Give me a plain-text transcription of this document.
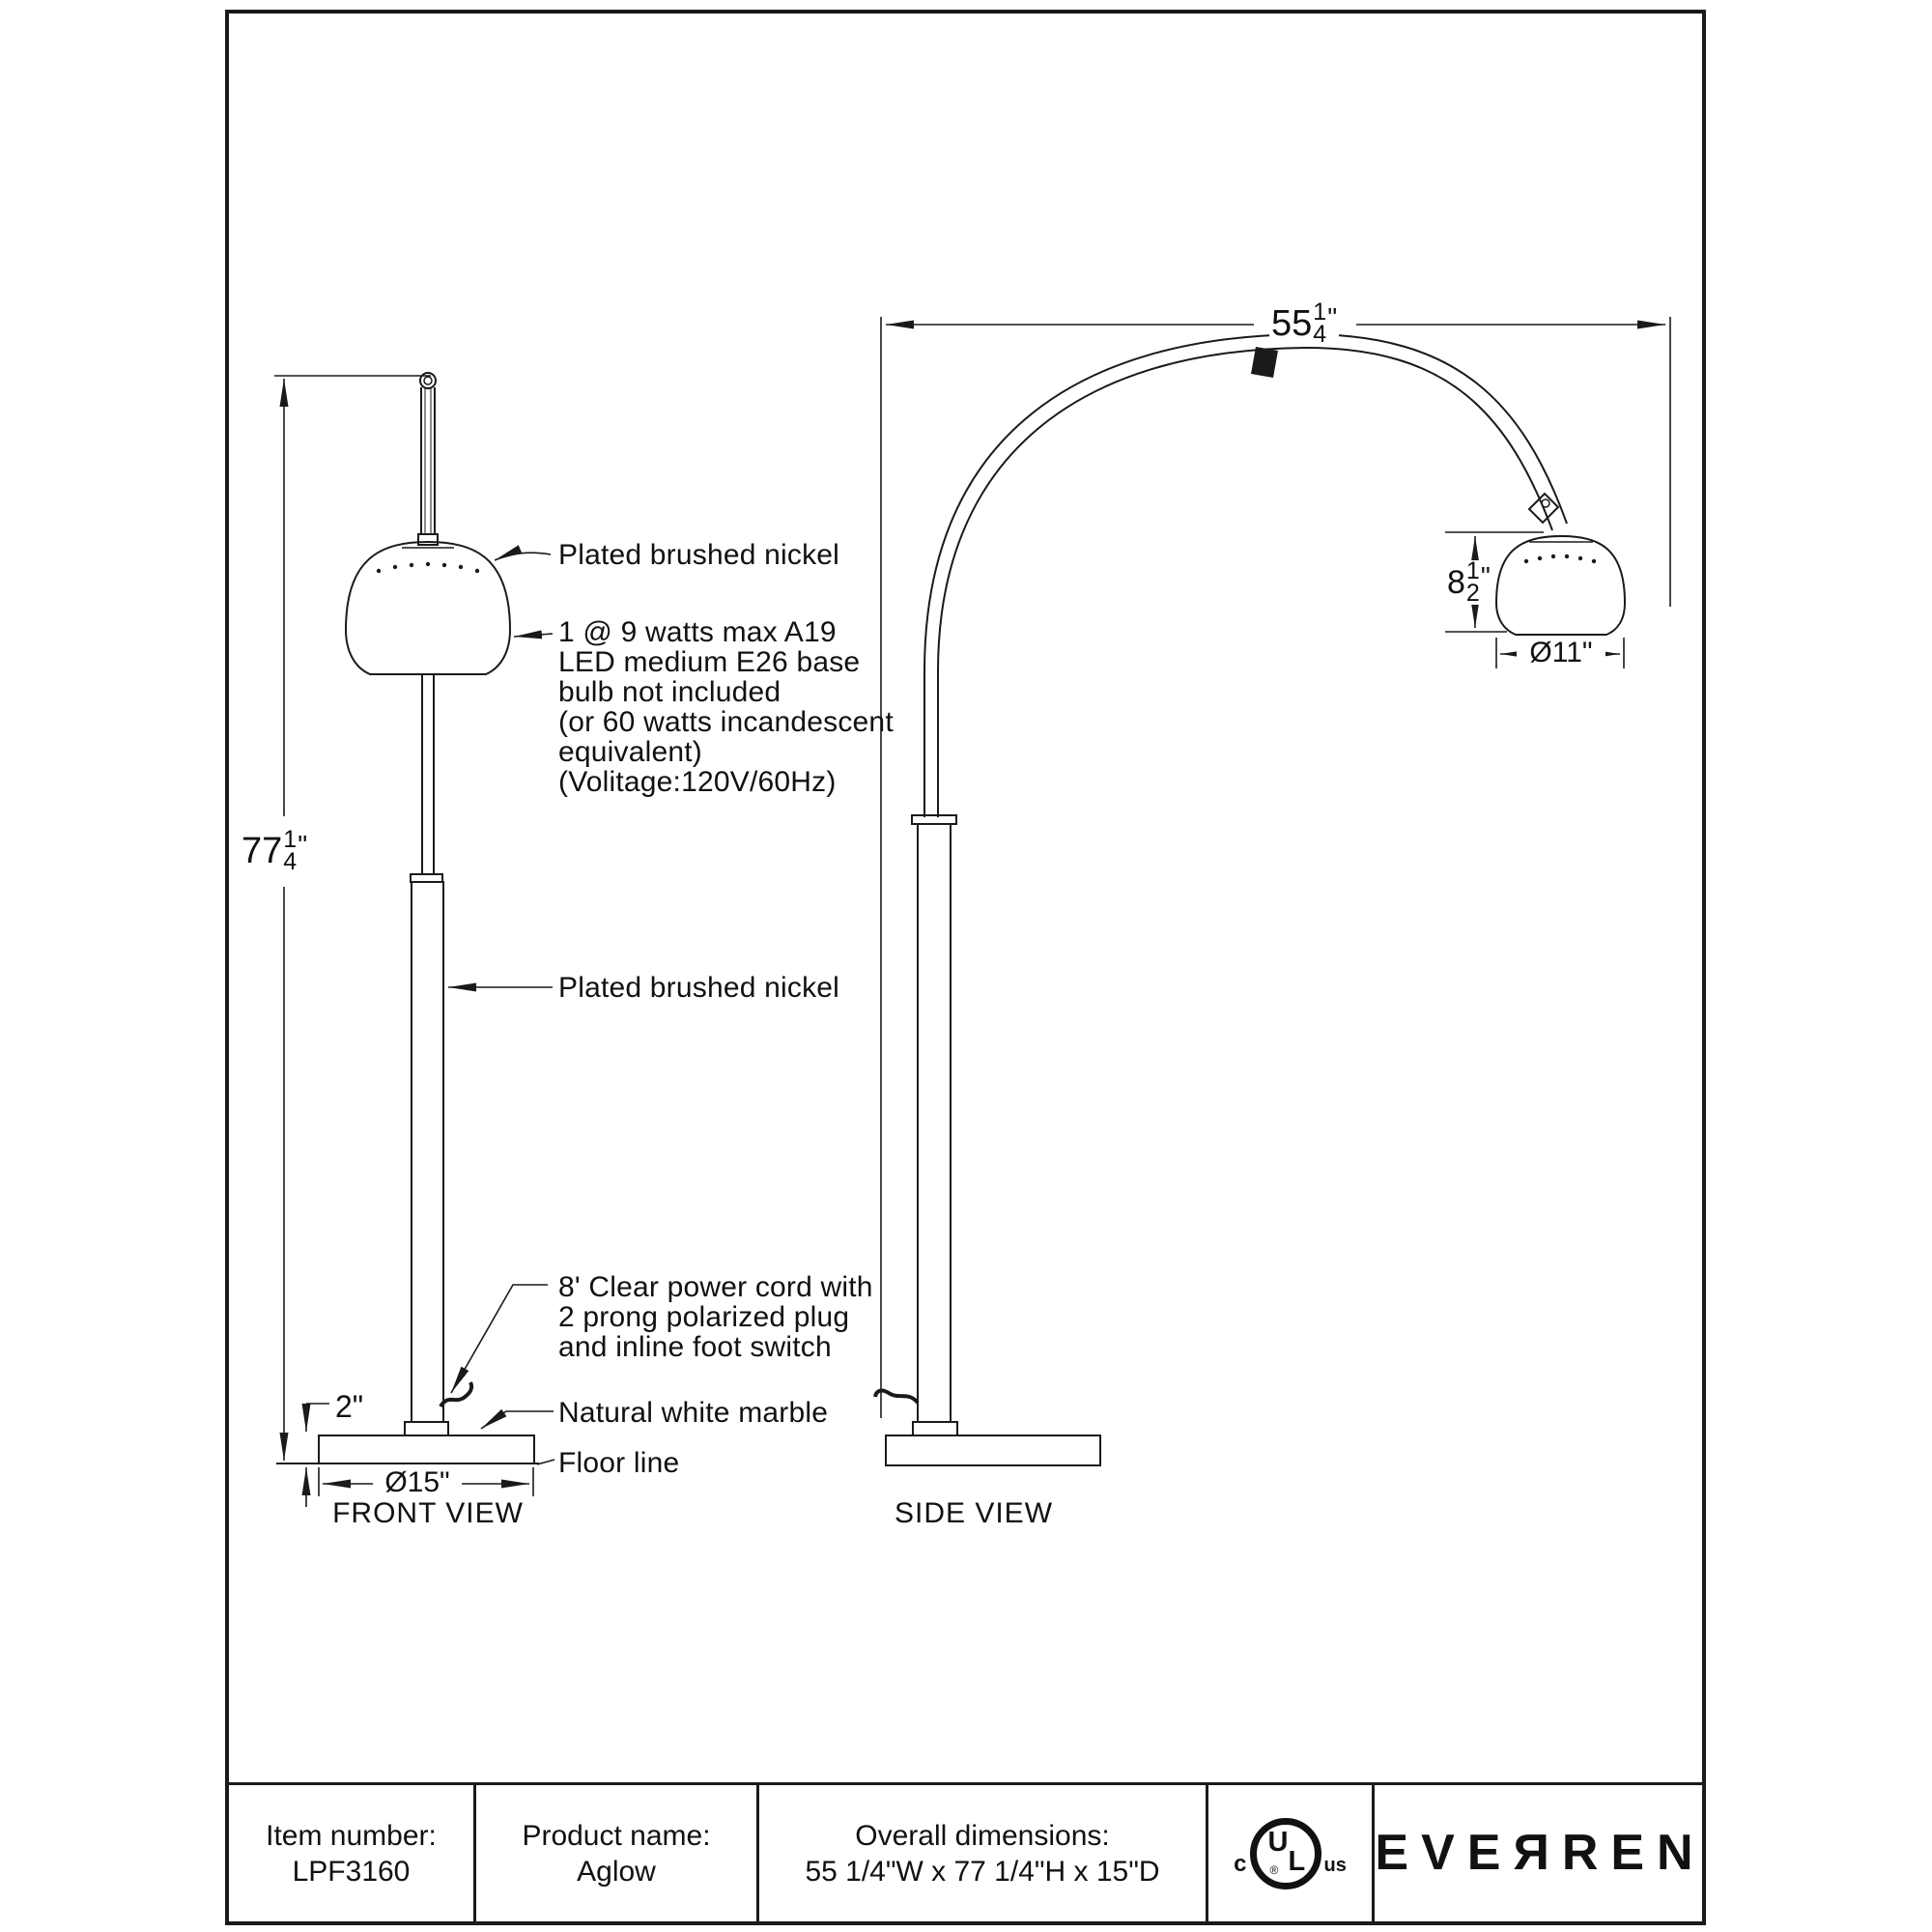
77 1
4
"
2"
Ø15"
FRONT VIEW
Plated brushed nickel
1 @ 9 watts max A19
LED medium E26 base
bulb not included
(or 60 watts incandescent
equivalent)
(Volitage:120V/60Hz)
Plated brushed nickel
8' Clear power cord with
2 prong polarized plug
and inline foot switch
Natural white marble
Floor line
55 1
4
"
8 1
2
"
Ø11"
SIDE VIEW
Item number:
LPF3160
Product name:
Aglow
Overall dimensions:
55 1/4"W x 77 1/4"H x 15"D	c
U
L
® us EVEЯREN
